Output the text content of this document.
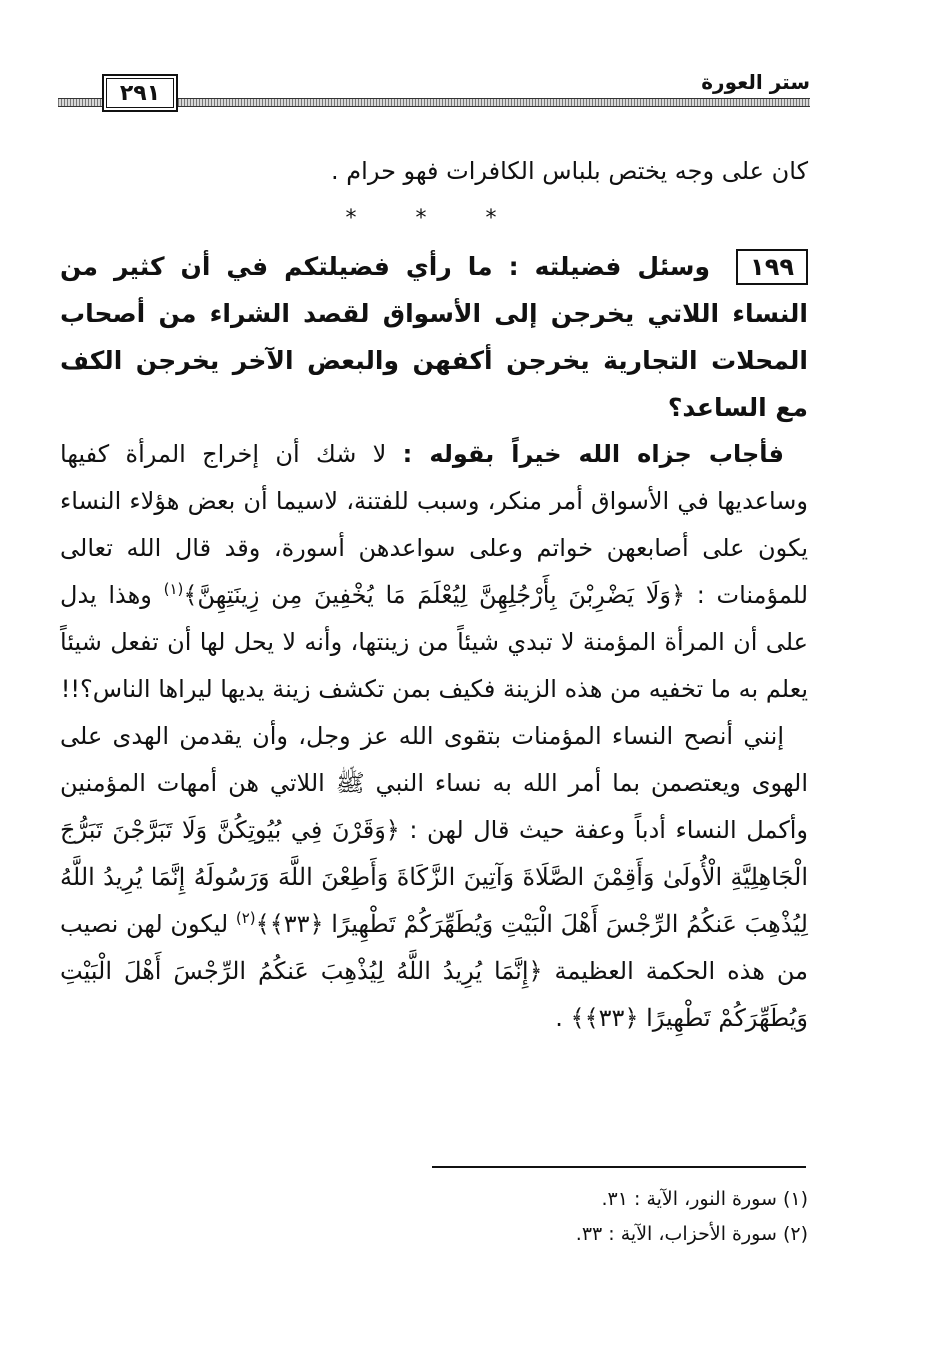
٢٩١	ستر العورة

كان على وجه يختص بلباس الكافرات فهو حرام .

* * *

١٩٩وسئل فضيلته : ما رأي فضيلتكم في أن كثير من النساء اللاتي يخرجن إلى الأسواق لقصد الشراء من أصحاب المحلات التجارية يخرجن أكفهن والبعض الآخر يخرجن الكف مع الساعد؟

فأجاب جزاه الله خيراً بقوله : لا شك أن إخراج المرأة كفيها وساعديها في الأسواق أمر منكر، وسبب للفتنة، لاسيما أن بعض هؤلاء النساء يكون على أصابعهن خواتم وعلى سواعدهن أسورة، وقد قال الله تعالى للمؤمنات : ﴿وَلَا يَضْرِبْنَ بِأَرْجُلِهِنَّ لِيُعْلَمَ مَا يُخْفِينَ مِن زِينَتِهِنَّ﴾$^{(١)}$ وهذا يدل على أن المرأة المؤمنة لا تبدي شيئاً من زينتها، وأنه لا يحل لها أن تفعل شيئاً يعلم به ما تخفيه من هذه الزينة فكيف بمن تكشف زينة يديها ليراها الناس؟!!

إنني أنصح النساء المؤمنات بتقوى الله عز وجل، وأن يقدمن الهدى على الهوى ويعتصمن بما أمر الله به نساء النبي ﷺ اللاتي هن أمهات المؤمنين وأكمل النساء أدباً وعفة حيث قال لهن : ﴿وَقَرْنَ فِي بُيُوتِكُنَّ وَلَا تَبَرَّجْنَ تَبَرُّجَ الْجَاهِلِيَّةِ الْأُولَىٰ وَأَقِمْنَ الصَّلَاةَ وَآتِينَ الزَّكَاةَ وَأَطِعْنَ اللَّهَ وَرَسُولَهُ إِنَّمَا يُرِيدُ اللَّهُ لِيُذْهِبَ عَنكُمُ الرِّجْسَ أَهْلَ الْبَيْتِ وَيُطَهِّرَكُمْ تَطْهِيرًا ﴿٣٣﴾﴾$^{(٢)}$ ليكون لهن نصيب من هذه الحكمة العظيمة ﴿إِنَّمَا يُرِيدُ اللَّهُ لِيُذْهِبَ عَنكُمُ الرِّجْسَ أَهْلَ الْبَيْتِ وَيُطَهِّرَكُمْ تَطْهِيرًا ﴿٣٣﴾﴾ .

(١) سورة النور، الآية : ٣١.
(٢) سورة الأحزاب، الآية : ٣٣.
